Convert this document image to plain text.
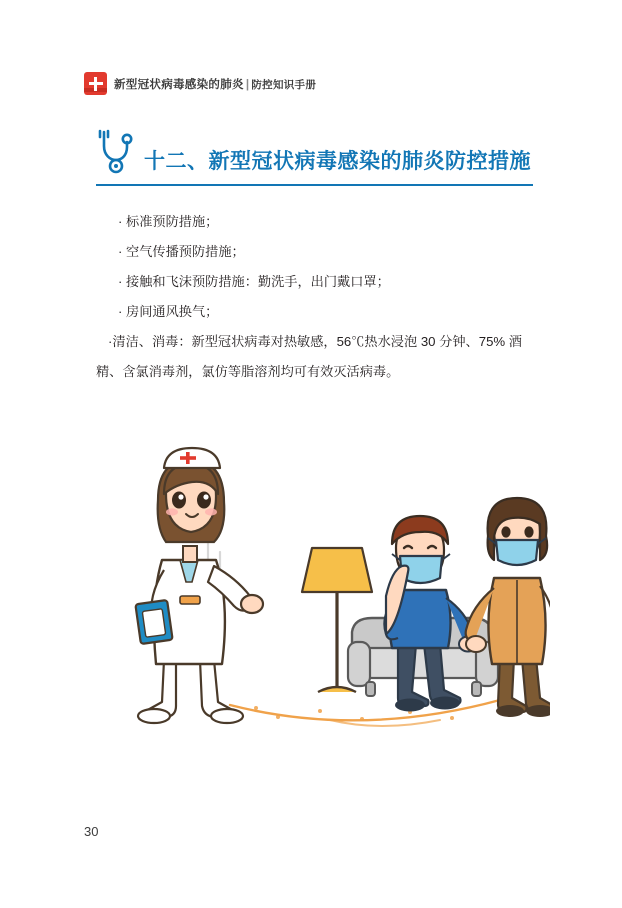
新型冠状病毒感染的肺炎 | 防控知识手册
十二、新型冠状病毒感染的肺炎防控措施
· 标准预防措施；
· 空气传播预防措施；
· 接触和飞沫预防措施：勤洗手，出门戴口罩；
· 房间通风换气；
·清洁、消毒：新型冠状病毒对热敏感，56℃热水浸泡 30 分钟、75% 酒精、含氯消毒剂，氯仿等脂溶剂均可有效灭活病毒。
30
